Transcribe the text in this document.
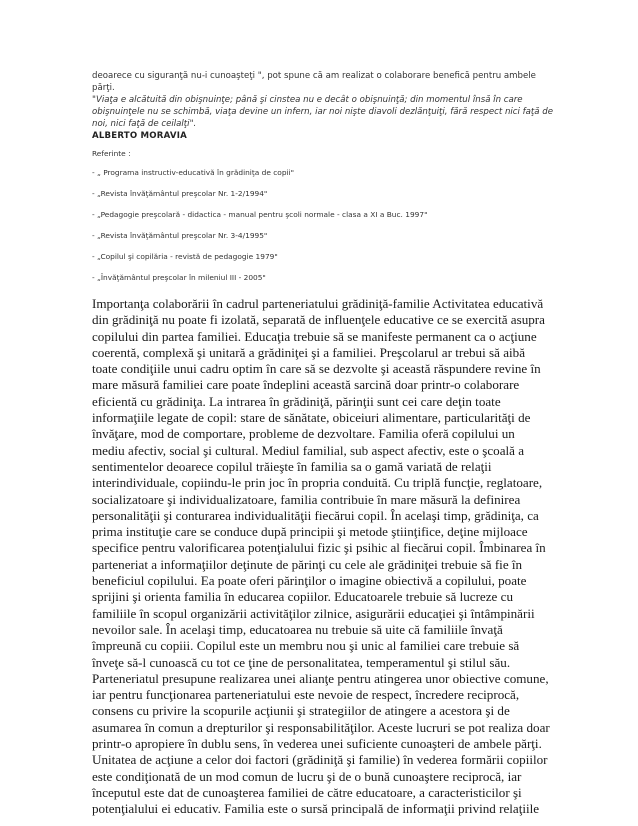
deoarece cu siguranţă nu-i cunoaşteţi ", pot spune că am realizat o colaborare benefică pentru ambele părţi.

"Viaţa e alcătuită din obişnuinţe; până şi cinstea nu e decât o obişnuinţă; din momentul însă în care obişnuinţele nu se schimbă, viaţa devine un infern, iar noi nişte diavoli dezlănţuiţi, fără respect nici faţă de noi, nici faţă de ceilalţi".

ALBERTO MORAVIA

Referinte :

- „ Programa instructiv-educativă în grădiniţa de copii"

- „Revista învăţământul preşcolar Nr. 1-2/1994"

- „Pedagogie preşcolară - didactica - manual pentru şcoli normale - clasa a XI a Buc. 1997"

- „Revista învăţământul preşcolar Nr. 3-4/1995"

- „Copilul şi copilăria - revistă de pedagogie 1979"

- „Învăţământul preşcolar în mileniul III - 2005"

Importanţa colaborării în cadrul parteneriatului grădiniţă-familie Activitatea educativă din grădiniţă nu poate fi izolată, separată de influenţele educative ce se exercită asupra copilului din partea familiei. Educaţia trebuie să se manifeste permanent ca o acţiune coerentă, complexă şi unitară a grădiniţei şi a familiei. Preşcolarul ar trebui să aibă toate condiţiile unui cadru optim în care să se dezvolte şi această răspundere revine în mare măsură familiei care poate îndeplini această sarcină doar printr-o colaborare eficientă cu grădiniţa. La intrarea în grădiniţă, părinţii sunt cei care deţin toate informaţiile legate de copil: stare de sănătate, obiceiuri alimentare, particularităţi de învăţare, mod de comportare, probleme de dezvoltare. Familia oferă copilului un mediu afectiv, social şi cultural. Mediul familial, sub aspect afectiv, este o şcoală a sentimentelor deoarece copilul trăieşte în familia sa o gamă variată de relaţii interindividuale, copiindu-le prin joc în propria conduită. Cu triplă funcţie, reglatoare, socializatoare şi individualizatoare, familia contribuie în mare măsură la definirea personalităţii şi conturarea individualităţii fiecărui copil. În acelaşi timp, grădiniţa, ca prima instituţie care se conduce după principii şi metode ştiinţifice, deţine mijloace specifice pentru valorificarea potenţialului fizic şi psihic al fiecărui copil. Îmbinarea în parteneriat a informaţiilor deţinute de părinţi cu cele ale grădiniţei trebuie să fie în beneficiul copilului. Ea poate oferi părinţilor o imagine obiectivă a copilului, poate sprijini şi orienta familia în educarea copiilor. Educatoarele trebuie să lucreze cu familiile în scopul organizării activităţilor zilnice, asigurării educaţiei şi întâmpinării nevoilor sale. În acelaşi timp, educatoarea nu trebuie să uite că familiile învaţă împreună cu copiii. Copilul este un membru nou şi unic al familiei care trebuie să înveţe să-l cunoască cu tot ce ţine de personalitatea, temperamentul şi stilul său. Parteneriatul presupune realizarea unei alianţe pentru atingerea unor obiective comune, iar pentru funcţionarea parteneriatului este nevoie de respect, încredere reciprocă, consens cu privire la scopurile acţiunii şi strategiilor de atingere a acestora şi de asumarea în comun a drepturilor şi responsabilităţilor. Aceste lucruri se pot realiza doar printr-o apropiere în dublu sens, în vederea unei suficiente cunoaşteri de ambele părţi. Unitatea de acţiune a celor doi factori (grădiniţă şi familie) în vederea formării copiilor este condiţionată de un mod comun de lucru şi de o bună cunoaştere reciprocă, iar începutul este dat de cunoaşterea familiei de către educatoare, a caracteristicilor şi potenţialului ei educativ. Familia este o sursă principală de informaţii privind relaţiile
